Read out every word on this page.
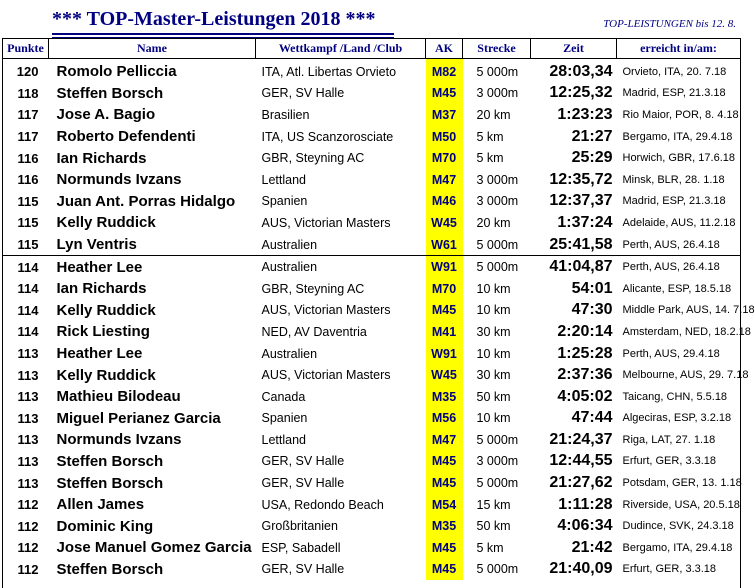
*** TOP-Master-Leistungen 2018 ***	TOP-LEISTUNGEN bis 12. 8.
Punkte	Name	Wettkampf /Land /Club	AK	Strecke	Zeit	erreicht in/am:
120	Romolo Pelliccia	ITA, Atl. Libertas Orvieto	M82	5 000m	28:03,34	Orvieto, ITA, 20. 7.18
118	Steffen Borsch	GER, SV Halle	M45	3 000m	12:25,32	Madrid, ESP, 21.3.18
117	Jose A. Bagio	Brasilien	M37	20 km	1:23:23	Rio Maior, POR, 8. 4.18
117	Roberto Defendenti	ITA, US Scanzorosciate	M50	5 km	21:27	Bergamo, ITA, 29.4.18
116	Ian Richards	GBR, Steyning AC	M70	5 km	25:29	Horwich, GBR, 17.6.18
116	Normunds Ivzans	Lettland	M47	3 000m	12:35,72	Minsk, BLR, 28. 1.18
115	Juan Ant. Porras Hidalgo	Spanien	M46	3 000m	12:37,37	Madrid, ESP, 21.3.18
115	Kelly Ruddick	AUS, Victorian Masters	W45	20 km	1:37:24	Adelaide, AUS, 11.2.18
115	Lyn Ventris	Australien	W61	5 000m	25:41,58	Perth, AUS, 26.4.18
114	Heather Lee	Australien	W91	5 000m	41:04,87	Perth, AUS, 26.4.18
114	Ian Richards	GBR, Steyning AC	M70	10 km	54:01	Alicante, ESP, 18.5.18
114	Kelly Ruddick	AUS, Victorian Masters	M45	10 km	47:30	Middle Park, AUS, 14. 7.18
114	Rick Liesting	NED, AV Daventria	M41	30 km	2:20:14	Amsterdam, NED, 18.2.18
113	Heather Lee	Australien	W91	10 km	1:25:28	Perth, AUS, 29.4.18
113	Kelly Ruddick	AUS, Victorian Masters	W45	30 km	2:37:36	Melbourne, AUS, 29. 7.18
113	Mathieu Bilodeau	Canada	M35	50 km	4:05:02	Taicang, CHN, 5.5.18
113	Miguel Perianez Garcia	Spanien	M56	10 km	47:44	Algeciras, ESP, 3.2.18
113	Normunds Ivzans	Lettland	M47	5 000m	21:24,37	Riga, LAT, 27. 1.18
113	Steffen Borsch	GER, SV Halle	M45	3 000m	12:44,55	Erfurt, GER, 3.3.18
113	Steffen Borsch	GER, SV Halle	M45	5 000m	21:27,62	Potsdam, GER, 13. 1.18
112	Allen James	USA, Redondo Beach	M54	15 km	1:11:28	Riverside, USA, 20.5.18
112	Dominic King	Großbritanien	M35	50 km	4:06:34	Dudince, SVK, 24.3.18
112	Jose Manuel Gomez Garcia	ESP, Sabadell	M45	5 km	21:42	Bergamo, ITA, 29.4.18
112	Steffen Borsch	GER, SV Halle	M45	5 000m	21:40,09	Erfurt, GER, 3.3.18
